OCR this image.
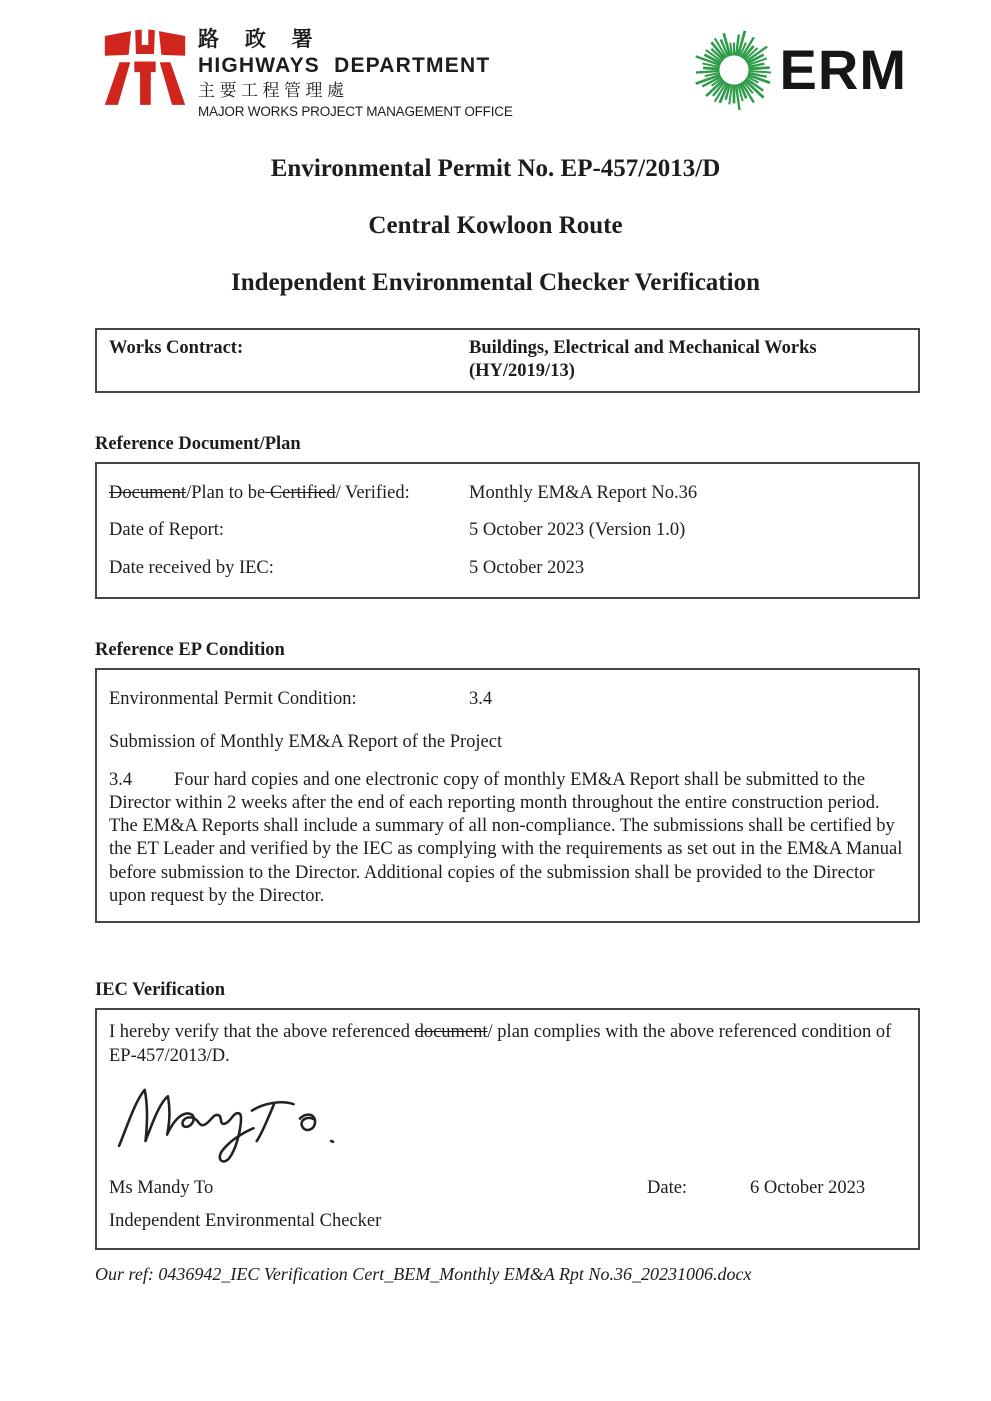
路 政 署
HIGHWAYS  DEPARTMENT
主要工程管理處
MAJOR WORKS PROJECT MANAGEMENT OFFICE
ERM
Environmental Permit No. EP-457/2013/D
Central Kowloon Route
Independent Environmental Checker Verification
Works Contract:	Buildings, Electrical and Mechanical Works  (HY/2019/13)
Reference Document/Plan
Document/Plan to be Certified/ Verified:	Monthly EM&A Report No.36
Date of Report:	5 October 2023 (Version 1.0)
Date received by IEC:	5 October 2023
Reference EP Condition
Environmental Permit Condition:	3.4
Submission of Monthly EM&A Report of the Project
3.4 Four hard copies and one electronic copy of monthly EM&A Report shall be submitted to the Director within 2 weeks after the end of each reporting month throughout the entire construction period. The EM&A Reports shall include a summary of all non-compliance. The submissions shall be certified by the ET Leader and verified by the IEC as complying with the requirements as set out in the EM&A Manual before submission to the Director. Additional copies of the submission shall be provided to the Director upon request by the Director.
IEC Verification
I hereby verify that the above referenced document/ plan complies with the above referenced condition of EP-457/2013/D.
Ms Mandy To	Date:	6 October 2023
Independent Environmental Checker
Our ref: 0436942_IEC Verification Cert_BEM_Monthly EM&A Rpt No.36_20231006.docx
